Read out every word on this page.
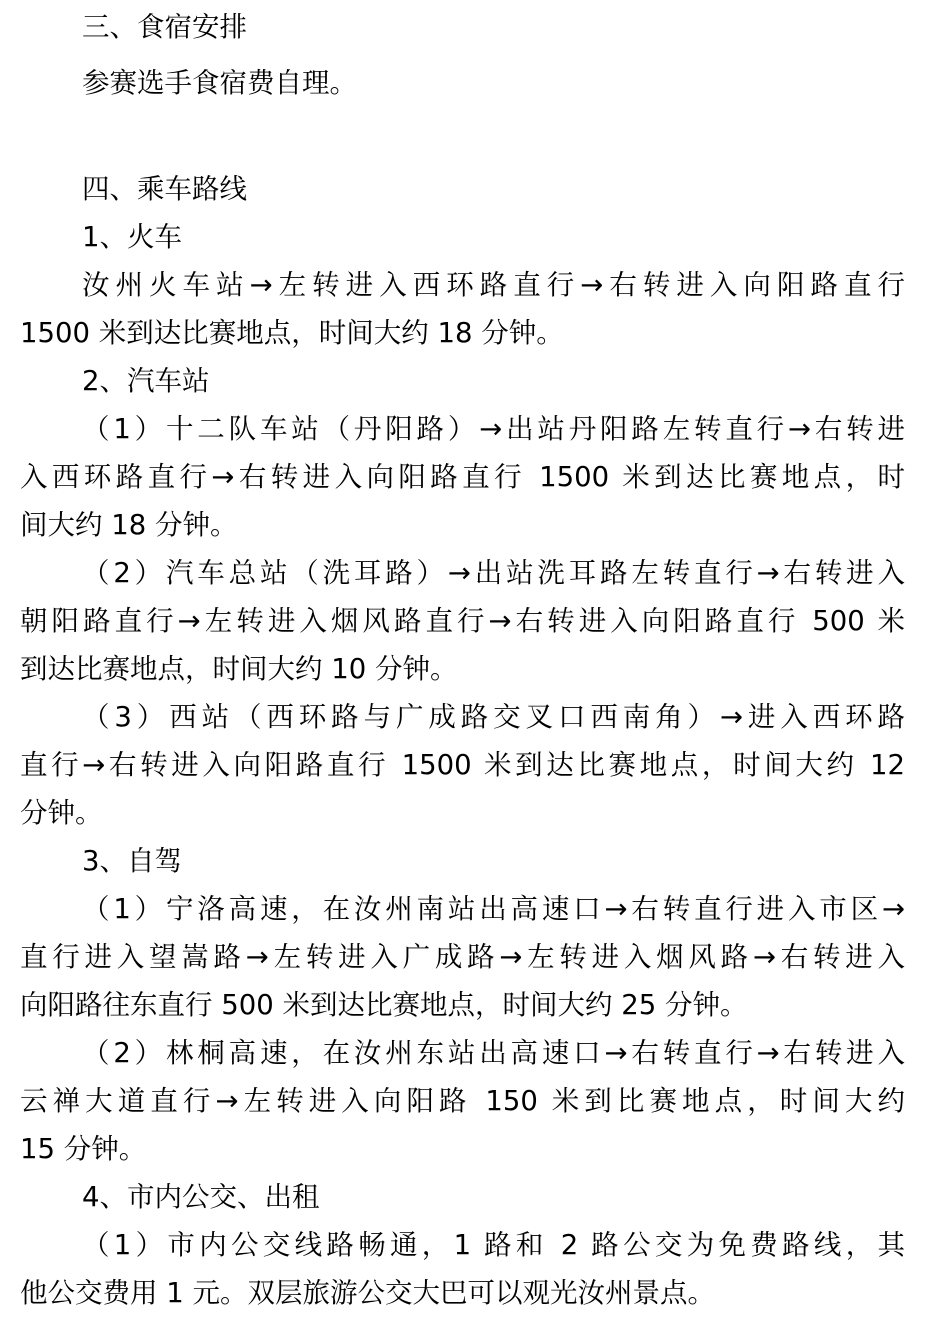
三、食宿安排
参赛选手食宿费自理。
四、乘车路线
1、火车
汝州火车站→左转进入西环路直行→右转进入向阳路直行
1500 米到达比赛地点，时间大约 18 分钟。
2、汽车站
（1）十二队车站（丹阳路）→出站丹阳路左转直行→右转进
入西环路直行→右转进入向阳路直行 1500 米到达比赛地点，时
间大约 18 分钟。
（2）汽车总站（洗耳路）→出站洗耳路左转直行→右转进入
朝阳路直行→左转进入烟风路直行→右转进入向阳路直行 500 米
到达比赛地点，时间大约 10 分钟。
（3）西站（西环路与广成路交叉口西南角）→进入西环路
直行→右转进入向阳路直行 1500 米到达比赛地点，时间大约 12
分钟。
3、自驾
（1）宁洛高速，在汝州南站出高速口→右转直行进入市区→
直行进入望嵩路→左转进入广成路→左转进入烟风路→右转进入
向阳路往东直行 500 米到达比赛地点，时间大约 25 分钟。
（2）林桐高速，在汝州东站出高速口→右转直行→右转进入
云禅大道直行→左转进入向阳路 150 米到比赛地点，时间大约
15 分钟。
4、市内公交、出租
（1）市内公交线路畅通，1 路和 2 路公交为免费路线，其
他公交费用 1 元。双层旅游公交大巴可以观光汝州景点。
